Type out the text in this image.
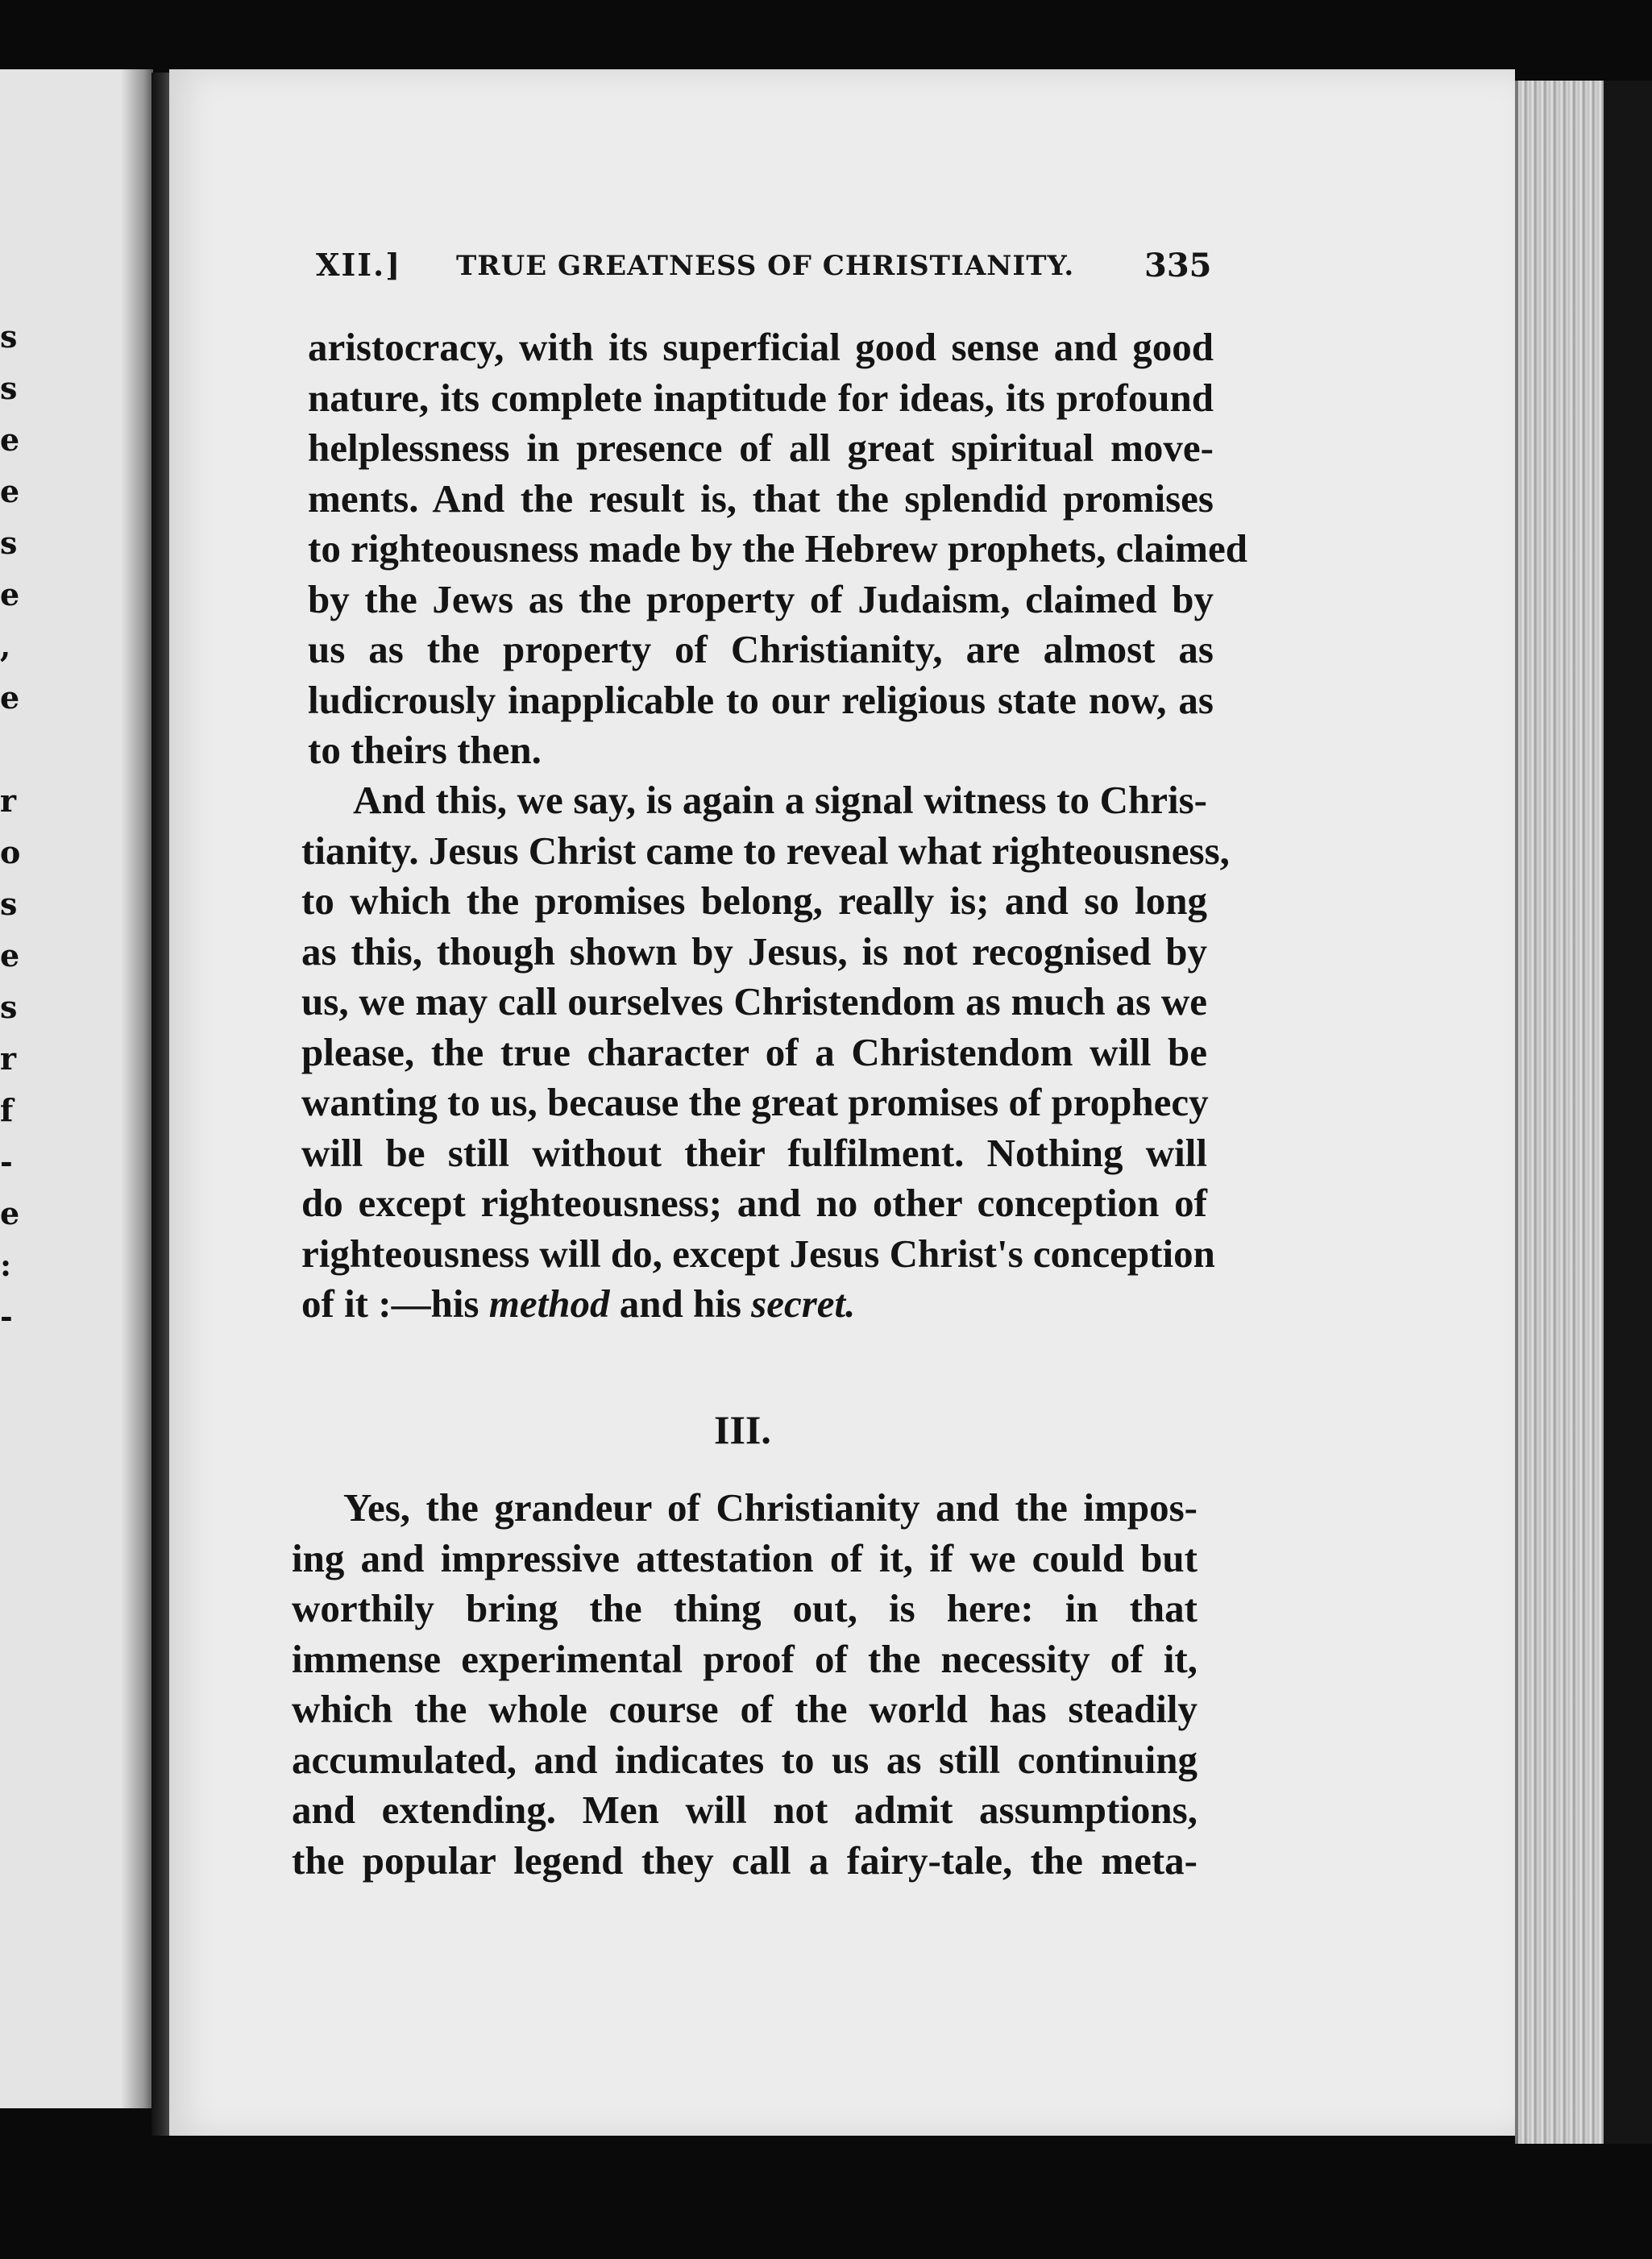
s
s
e
e
s
e
,
e
r
o
s
e
s
r
f
-
e
:
-
XII.] TRUE GREATNESS OF CHRISTIANITY. 335
aristocracy, with its superficial good sense and good
nature, its complete inaptitude for ideas, its profound
helplessness in presence of all great spiritual move-
ments. And the result is, that the splendid promises
to righteousness made by the Hebrew prophets, claimed
by the Jews as the property of Judaism, claimed by
us as the property of Christianity, are almost as
ludicrously inapplicable to our religious state now, as
to theirs then.
And this, we say, is again a signal witness to Chris-
tianity. Jesus Christ came to reveal what righteousness,
to which the promises belong, really is; and so long
as this, though shown by Jesus, is not recognised by
us, we may call ourselves Christendom as much as we
please, the true character of a Christendom will be
wanting to us, because the great promises of prophecy
will be still without their fulfilment. Nothing will
do except righteousness; and no other conception of
righteousness will do, except Jesus Christ's conception
of it :—his method and his secret.
III.
Yes, the grandeur of Christianity and the impos-
ing and impressive attestation of it, if we could but
worthily bring the thing out, is here: in that
immense experimental proof of the necessity of it,
which the whole course of the world has steadily
accumulated, and indicates to us as still continuing
and extending. Men will not admit assumptions,
the popular legend they call a fairy-tale, the meta-
